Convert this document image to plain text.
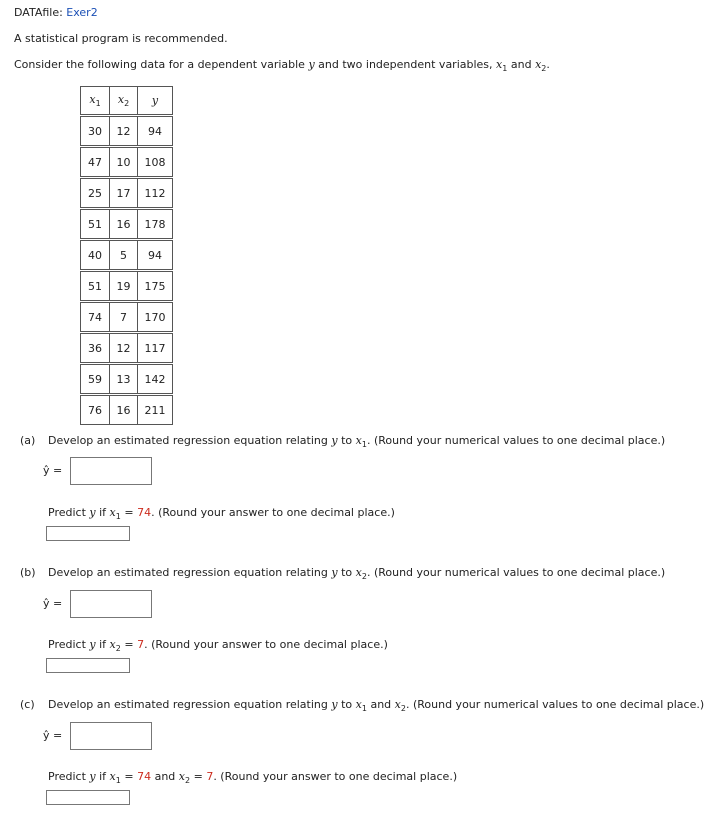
DATAfile: Exer2
A statistical program is recommended.
Consider the following data for a dependent variable y and two independent variables, $x_1$ and $x_2$.
$x_1$	$x_2$	y

30	12	94

47	10	108

25	17	112

51	16	178

40	5	94

51	19	175

74	7	170

36	12	117

59	13	142

76	16	211
(a) Develop an estimated regression equation relating y to $x_1$. (Round your numerical values to one decimal place.)
ŷ =
Predict y if $x_1 = 74$. (Round your answer to one decimal place.)
(b) Develop an estimated regression equation relating y to $x_2$. (Round your numerical values to one decimal place.)
ŷ =
Predict y if $x_2 = 7$. (Round your answer to one decimal place.)
(c) Develop an estimated regression equation relating y to $x_1$ and $x_2$. (Round your numerical values to one decimal place.)
ŷ =
Predict y if $x_1 = 74$ and $x_2 = 7$. (Round your answer to one decimal place.)
